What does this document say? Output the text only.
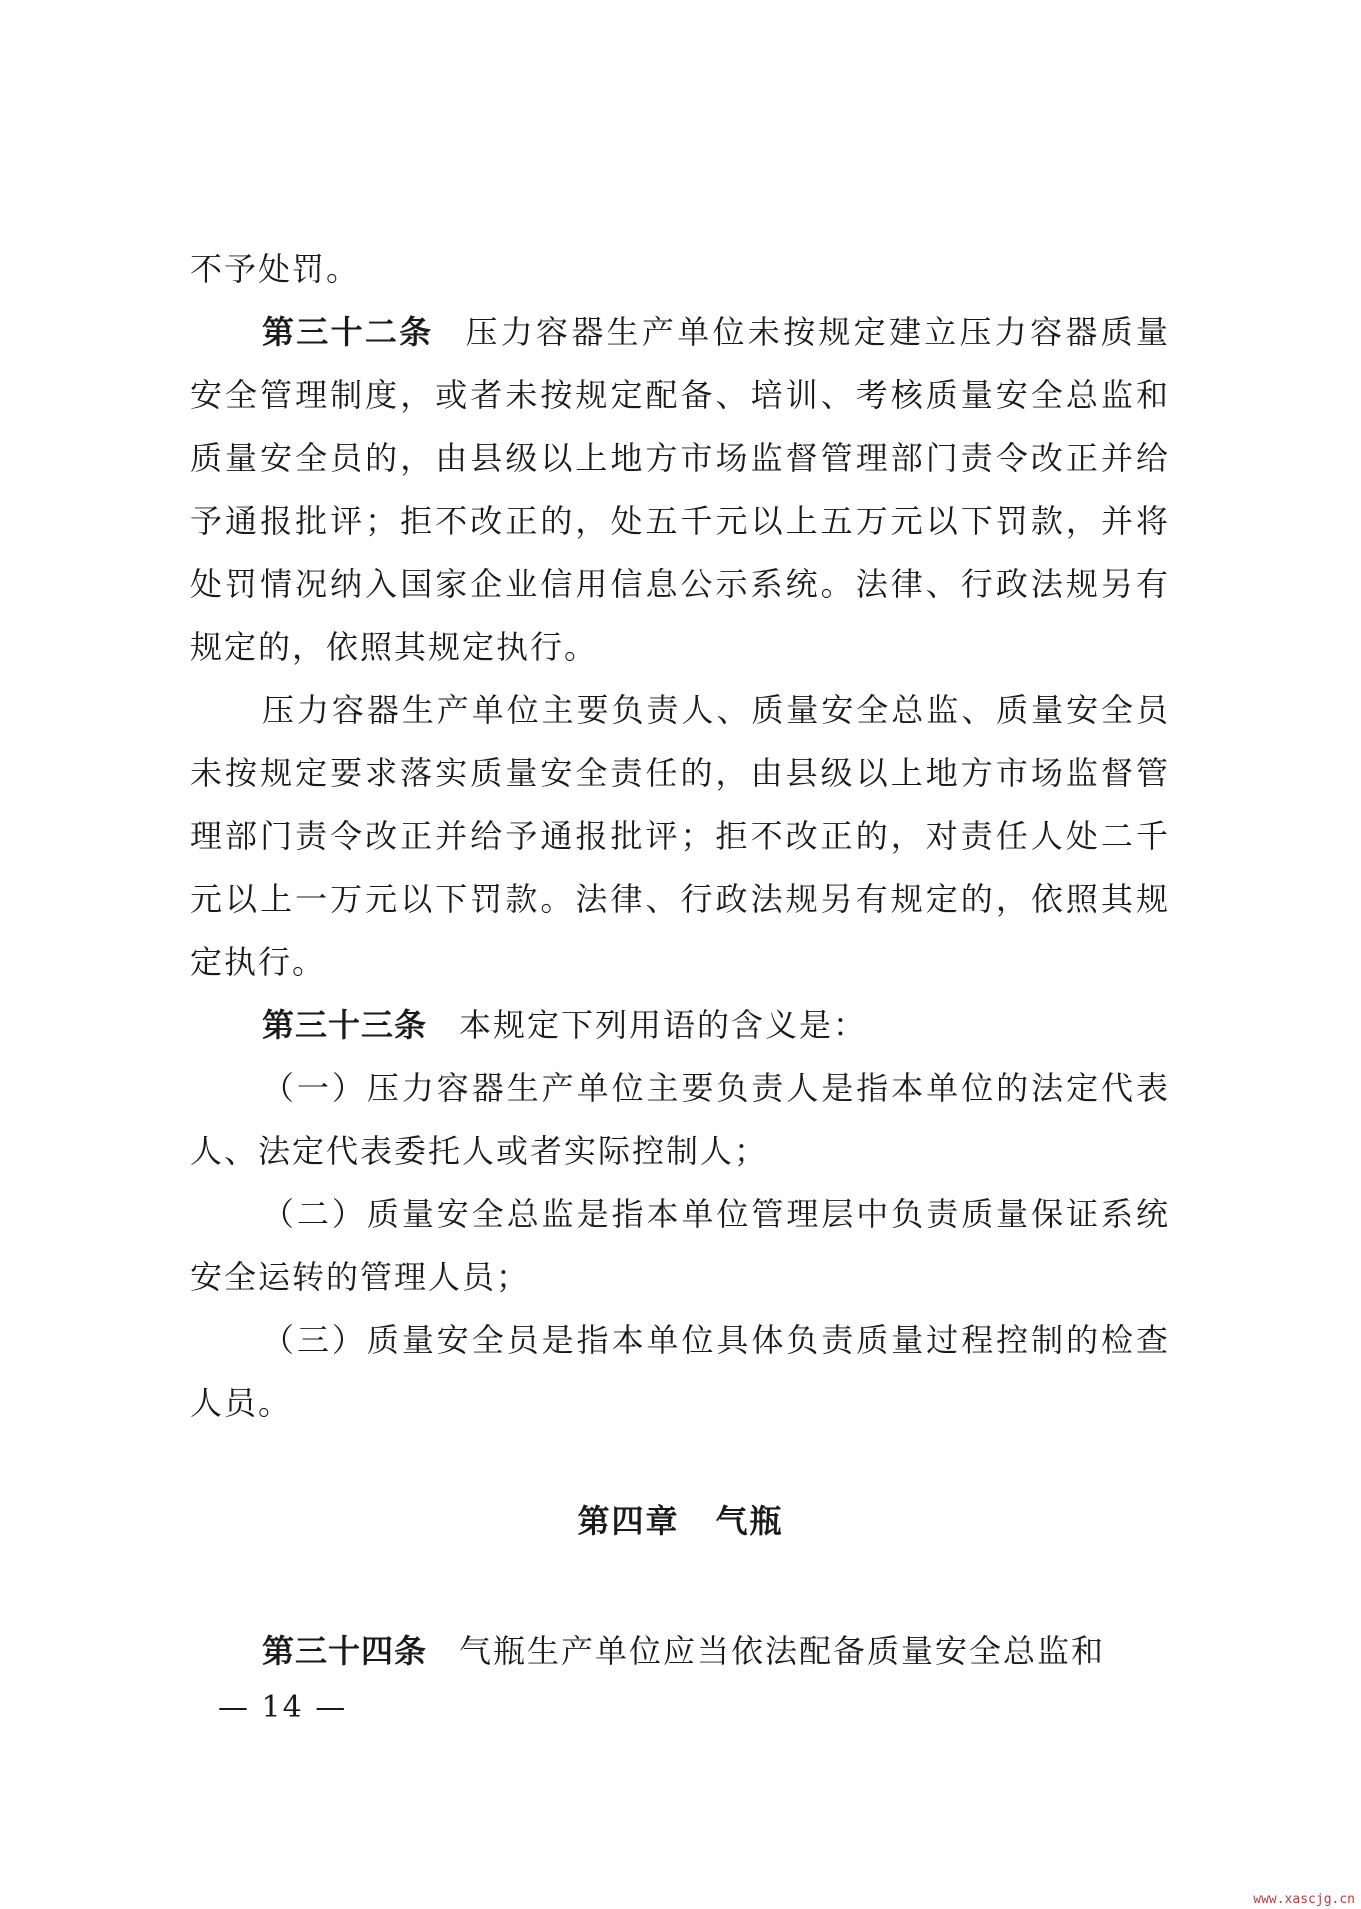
不予处罚。

第三十二条 压力容器生产单位未按规定建立压力容器质量安全管理制度，或者未按规定配备、培训、考核质量安全总监和质量安全员的，由县级以上地方市场监督管理部门责令改正并给予通报批评；拒不改正的，处五千元以上五万元以下罚款，并将处罚情况纳入国家企业信用信息公示系统。法律、行政法规另有规定的，依照其规定执行。

压力容器生产单位主要负责人、质量安全总监、质量安全员未按规定要求落实质量安全责任的，由县级以上地方市场监督管理部门责令改正并给予通报批评；拒不改正的，对责任人处二千元以上一万元以下罚款。法律、行政法规另有规定的，依照其规定执行。

第三十三条 本规定下列用语的含义是：

（一）压力容器生产单位主要负责人是指本单位的法定代表人、法定代表委托人或者实际控制人；

（二）质量安全总监是指本单位管理层中负责质量保证系统安全运转的管理人员；

（三）质量安全员是指本单位具体负责质量过程控制的检查人员。

第四章 气瓶

第三十四条 气瓶生产单位应当依法配备质量安全总监和

— 14 —
www.xascjg.cn
